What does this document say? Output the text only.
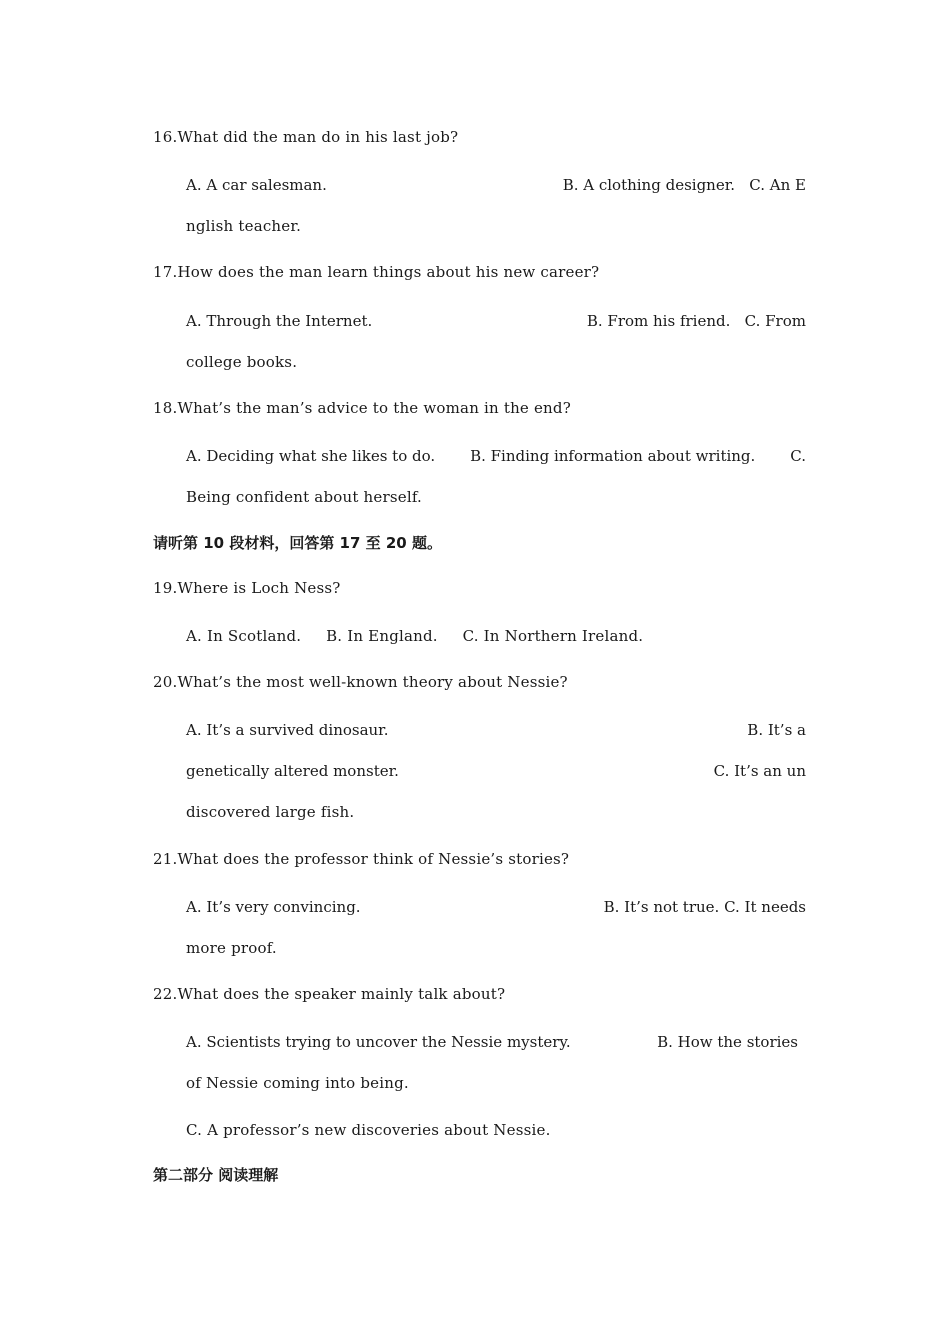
16.What did the man do in his last job?
A. A car salesman.	B. A clothing designer.   C. An E
nglish teacher.
17.How does the man learn things about his new career?
A. Through the Internet.	B. From his friend.   C. From
college books.
18.What’s the man’s advice to the woman in the end?
A. Deciding what she likes to do. B. Finding information about writing. C.
Being confident about herself.
请听第 10 段材料，回答第 17 至 20 题。
19.Where is Loch Ness?
A. In Scotland.     B. In England.     C. In Northern Ireland.
20.What’s the most well-known theory about Nessie?
A. It’s a survived dinosaur.	B. It’s a
genetically altered monster.	C. It’s an un
discovered large fish.
21.What does the professor think of Nessie’s stories?
A. It’s very convincing.	B. It’s not true. C. It needs
more proof.
22.What does the speaker mainly talk about?
A. Scientists trying to uncover the Nessie mystery.	B. How the stories
of Nessie coming into being.
C. A professor’s new discoveries about Nessie.
第二部分 阅读理解
